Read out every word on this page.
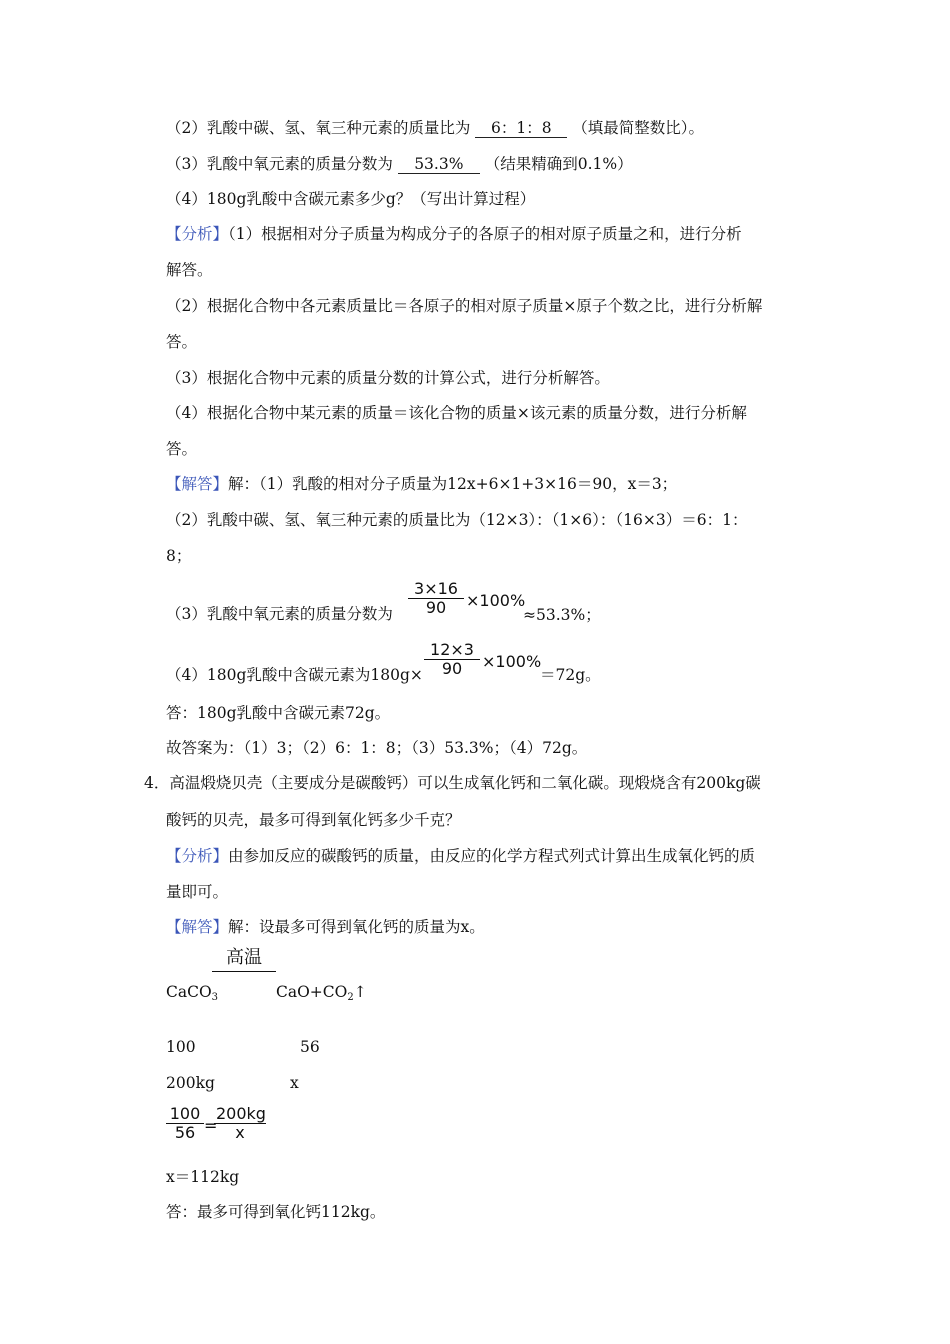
（2）乳酸中碳、氢、氧三种元素的质量比为 6：1：8 （填最简整数比）。
（3）乳酸中氧元素的质量分数为 53.3% （结果精确到0.1%）
（4）180g乳酸中含碳元素多少g？（写出计算过程）
【分析】（1）根据相对分子质量为构成分子的各原子的相对原子质量之和，进行分析
解答。
（2）根据化合物中各元素质量比＝各原子的相对原子质量×原子个数之比，进行分析解
答。
（3）根据化合物中元素的质量分数的计算公式，进行分析解答。
（4）根据化合物中某元素的质量＝该化合物的质量×该元素的质量分数，进行分析解
答。
【解答】解：（1）乳酸的相对分子质量为12x+6×1+3×16＝90，x＝3；
（2）乳酸中碳、氢、氧三种元素的质量比为（12×3）：（1×6）：（16×3）＝6：1：
8；
（3）乳酸中氧元素的质量分数为
3×16
90	×100%
≈53.3%；
（4）180g乳酸中含碳元素为180g×
12×3
90	×100%
＝72g。
答：180g乳酸中含碳元素72g。
故答案为：（1）3；（2）6：1：8；（3）53.3%；（4）72g。
4．高温煅烧贝壳（主要成分是碳酸钙）可以生成氧化钙和二氧化碳。现煅烧含有200kg碳
酸钙的贝壳，最多可得到氧化钙多少千克？
【分析】由参加反应的碳酸钙的质量，由反应的化学方程式列式计算出生成氧化钙的质
量即可。
【解答】解：设最多可得到氧化钙的质量为x。
高温
CaCO$_3$	$CaO+CO_2↑$
100	56
200kg	x
100
56 =
200kg
x
x＝112kg
答：最多可得到氧化钙112kg。
